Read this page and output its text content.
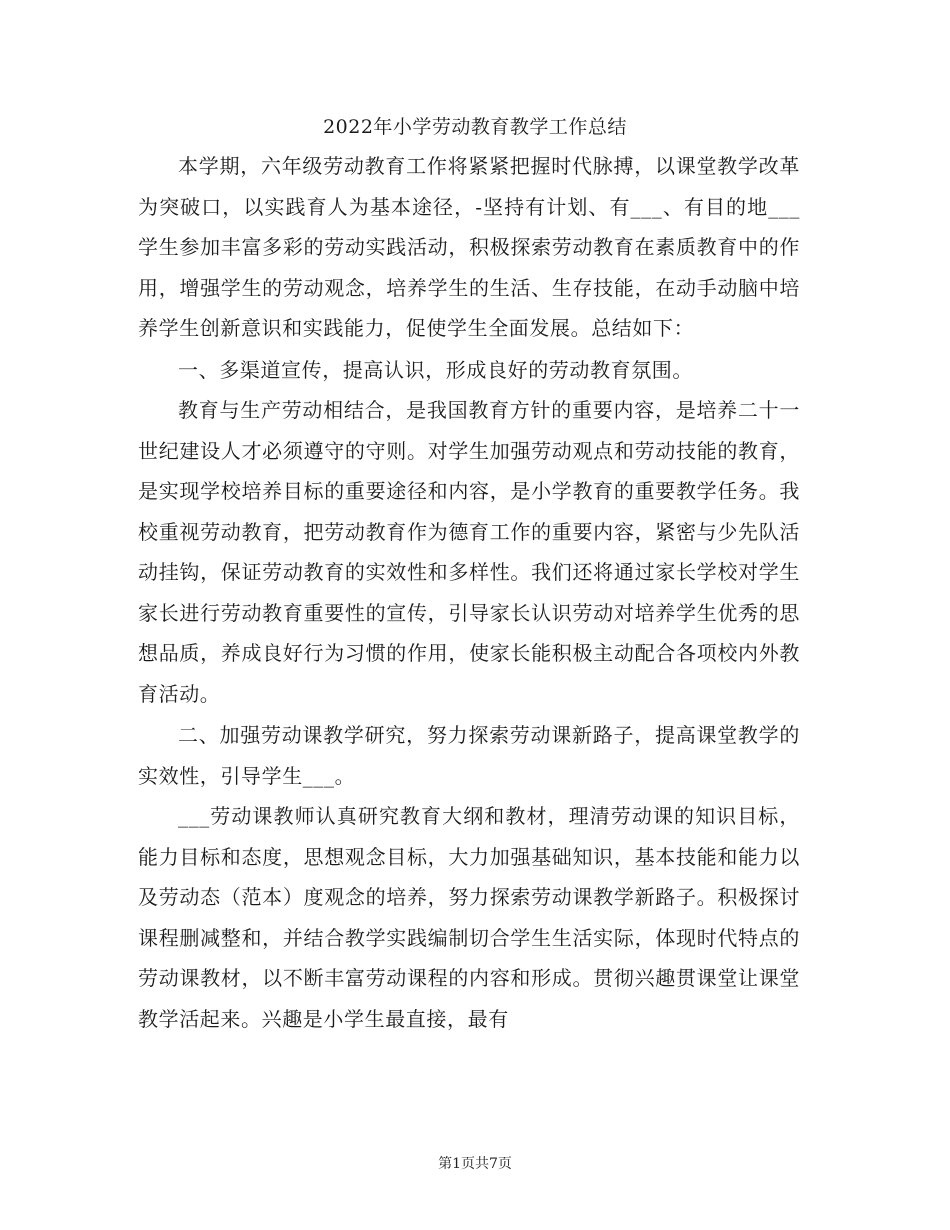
2022年小学劳动教育教学工作总结

本学期，六年级劳动教育工作将紧紧把握时代脉搏，以课堂教学改革为突破口，以实践育人为基本途径，-坚持有计划、有___、有目的地___学生参加丰富多彩的劳动实践活动，积极探索劳动教育在素质教育中的作用，增强学生的劳动观念，培养学生的生活、生存技能，在动手动脑中培养学生创新意识和实践能力，促使学生全面发展。总结如下：

一、多渠道宣传，提高认识，形成良好的劳动教育氛围。

教育与生产劳动相结合，是我国教育方针的重要内容，是培养二十一世纪建设人才必须遵守的守则。对学生加强劳动观点和劳动技能的教育，是实现学校培养目标的重要途径和内容，是小学教育的重要教学任务。我校重视劳动教育，把劳动教育作为德育工作的重要内容，紧密与少先队活动挂钩，保证劳动教育的实效性和多样性。我们还将通过家长学校对学生家长进行劳动教育重要性的宣传，引导家长认识劳动对培养学生优秀的思想品质，养成良好行为习惯的作用，使家长能积极主动配合各项校内外教育活动。

二、加强劳动课教学研究，努力探索劳动课新路子，提高课堂教学的实效性，引导学生___。

___劳动课教师认真研究教育大纲和教材，理清劳动课的知识目标，能力目标和态度，思想观念目标，大力加强基础知识，基本技能和能力以及劳动态（范本）度观念的培养，努力探索劳动课教学新路子。积极探讨课程删减整和，并结合教学实践编制切合学生生活实际，体现时代特点的劳动课教材，以不断丰富劳动课程的内容和形成。贯彻兴趣贯课堂让课堂教学活起来。兴趣是小学生最直接，最有

第1页共7页
